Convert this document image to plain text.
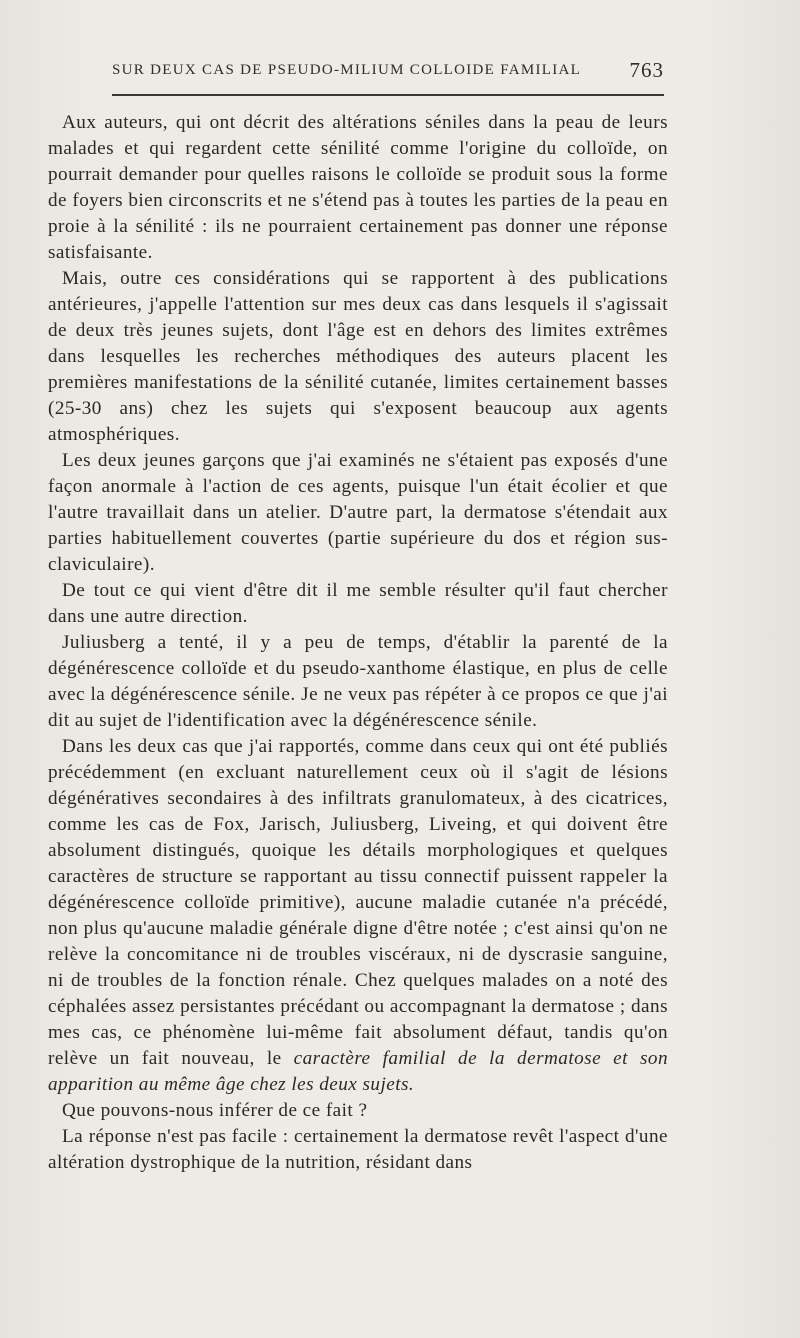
SUR DEUX CAS DE PSEUDO-MILIUM COLLOIDE FAMILIAL 763

Aux auteurs, qui ont décrit des altérations séniles dans la peau de leurs malades et qui regardent cette sénilité comme l'origine du colloïde, on pourrait demander pour quelles raisons le colloïde se produit sous la forme de foyers bien circonscrits et ne s'étend pas à toutes les parties de la peau en proie à la sénilité : ils ne pourraient certainement pas donner une réponse satisfaisante.

Mais, outre ces considérations qui se rapportent à des publications antérieures, j'appelle l'attention sur mes deux cas dans lesquels il s'agissait de deux très jeunes sujets, dont l'âge est en dehors des limites extrêmes dans lesquelles les recherches méthodiques des auteurs placent les premières manifestations de la sénilité cutanée, limites certainement basses (25-30 ans) chez les sujets qui s'exposent beaucoup aux agents atmosphériques.

Les deux jeunes garçons que j'ai examinés ne s'étaient pas exposés d'une façon anormale à l'action de ces agents, puisque l'un était écolier et que l'autre travaillait dans un atelier. D'autre part, la dermatose s'étendait aux parties habituellement couvertes (partie supérieure du dos et région sus-claviculaire).

De tout ce qui vient d'être dit il me semble résulter qu'il faut chercher dans une autre direction.

Juliusberg a tenté, il y a peu de temps, d'établir la parenté de la dégénérescence colloïde et du pseudo-xanthome élastique, en plus de celle avec la dégénérescence sénile. Je ne veux pas répéter à ce propos ce que j'ai dit au sujet de l'identification avec la dégénérescence sénile.

Dans les deux cas que j'ai rapportés, comme dans ceux qui ont été publiés précédemment (en excluant naturellement ceux où il s'agit de lésions dégénératives secondaires à des infiltrats granulomateux, à des cicatrices, comme les cas de Fox, Jarisch, Juliusberg, Liveing, et qui doivent être absolument distingués, quoique les détails morphologiques et quelques caractères de structure se rapportant au tissu connectif puissent rappeler la dégénérescence colloïde primitive), aucune maladie cutanée n'a précédé, non plus qu'aucune maladie générale digne d'être notée ; c'est ainsi qu'on ne relève la concomitance ni de troubles viscéraux, ni de dyscrasie sanguine, ni de troubles de la fonction rénale. Chez quelques malades on a noté des céphalées assez persistantes précédant ou accompagnant la dermatose ; dans mes cas, ce phénomène lui-même fait absolument défaut, tandis qu'on relève un fait nouveau, le caractère familial de la dermatose et son apparition au même âge chez les deux sujets.

Que pouvons-nous inférer de ce fait ?

La réponse n'est pas facile : certainement la dermatose revêt l'aspect d'une altération dystrophique de la nutrition, résidant dans
